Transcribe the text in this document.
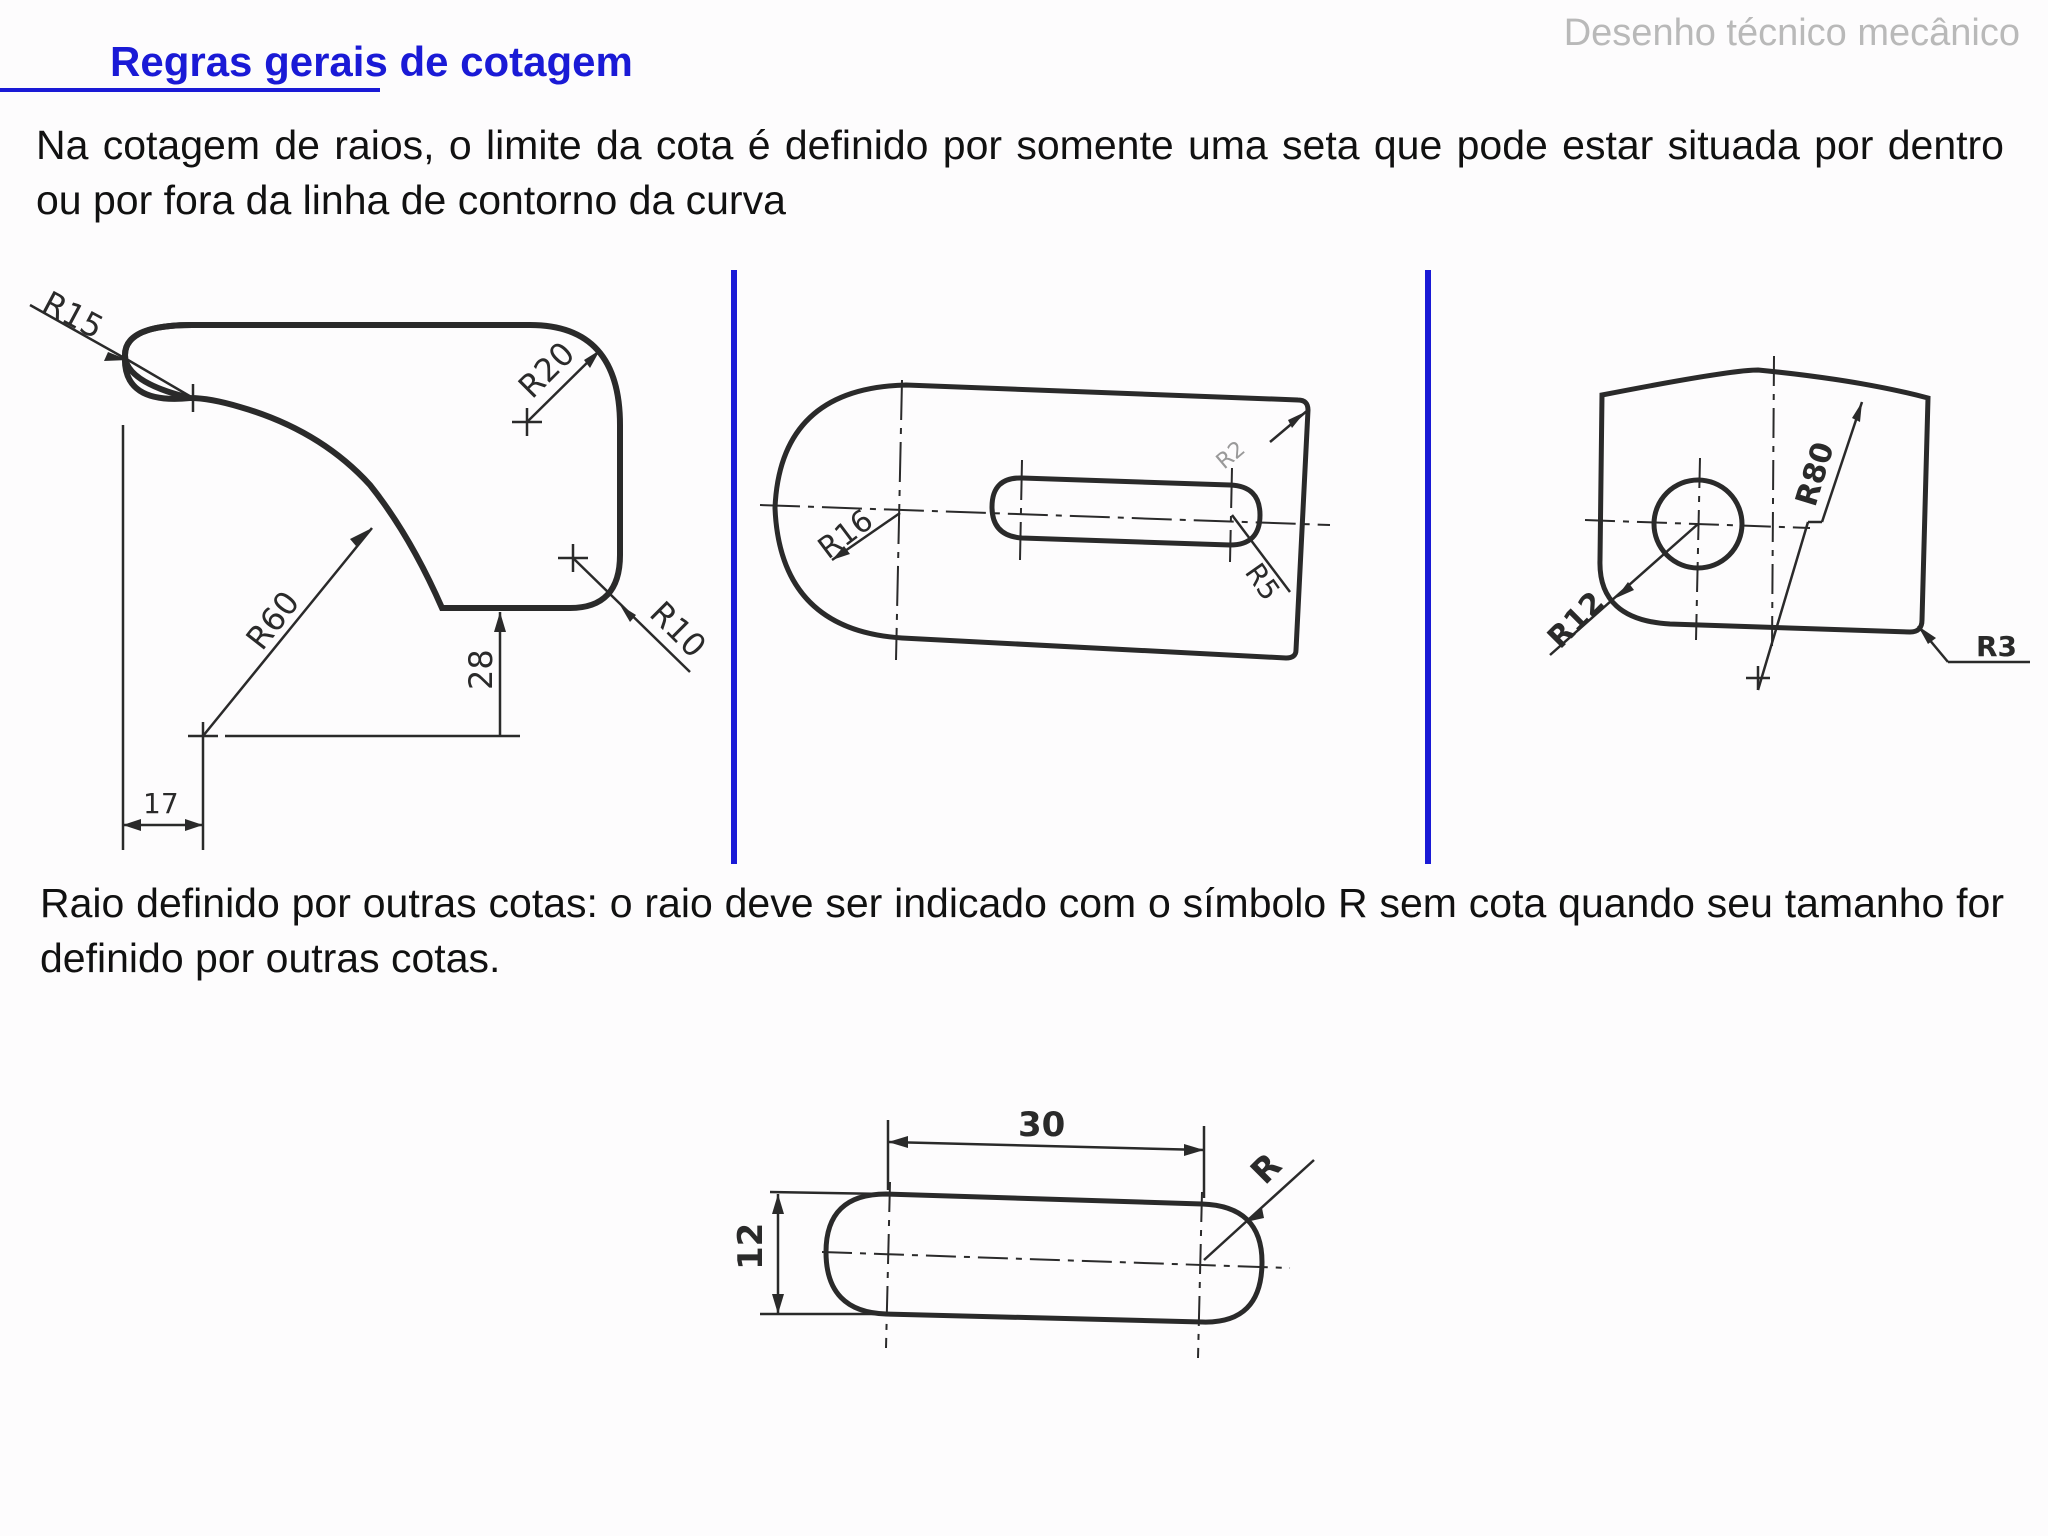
Desenho técnico mecânico
Regras gerais de cotagem

Na cotagem de raios, o limite da cota é definido por somente uma seta que pode estar situada por dentro ou por fora da linha de contorno da curva

R15
R20
R60	R10
28
17
R16
R2
R5
R80
R12	R3

Raio definido por outras cotas: o raio deve ser indicado com o símbolo R sem cota quando seu tamanho for definido por outras cotas.

30
12
R
